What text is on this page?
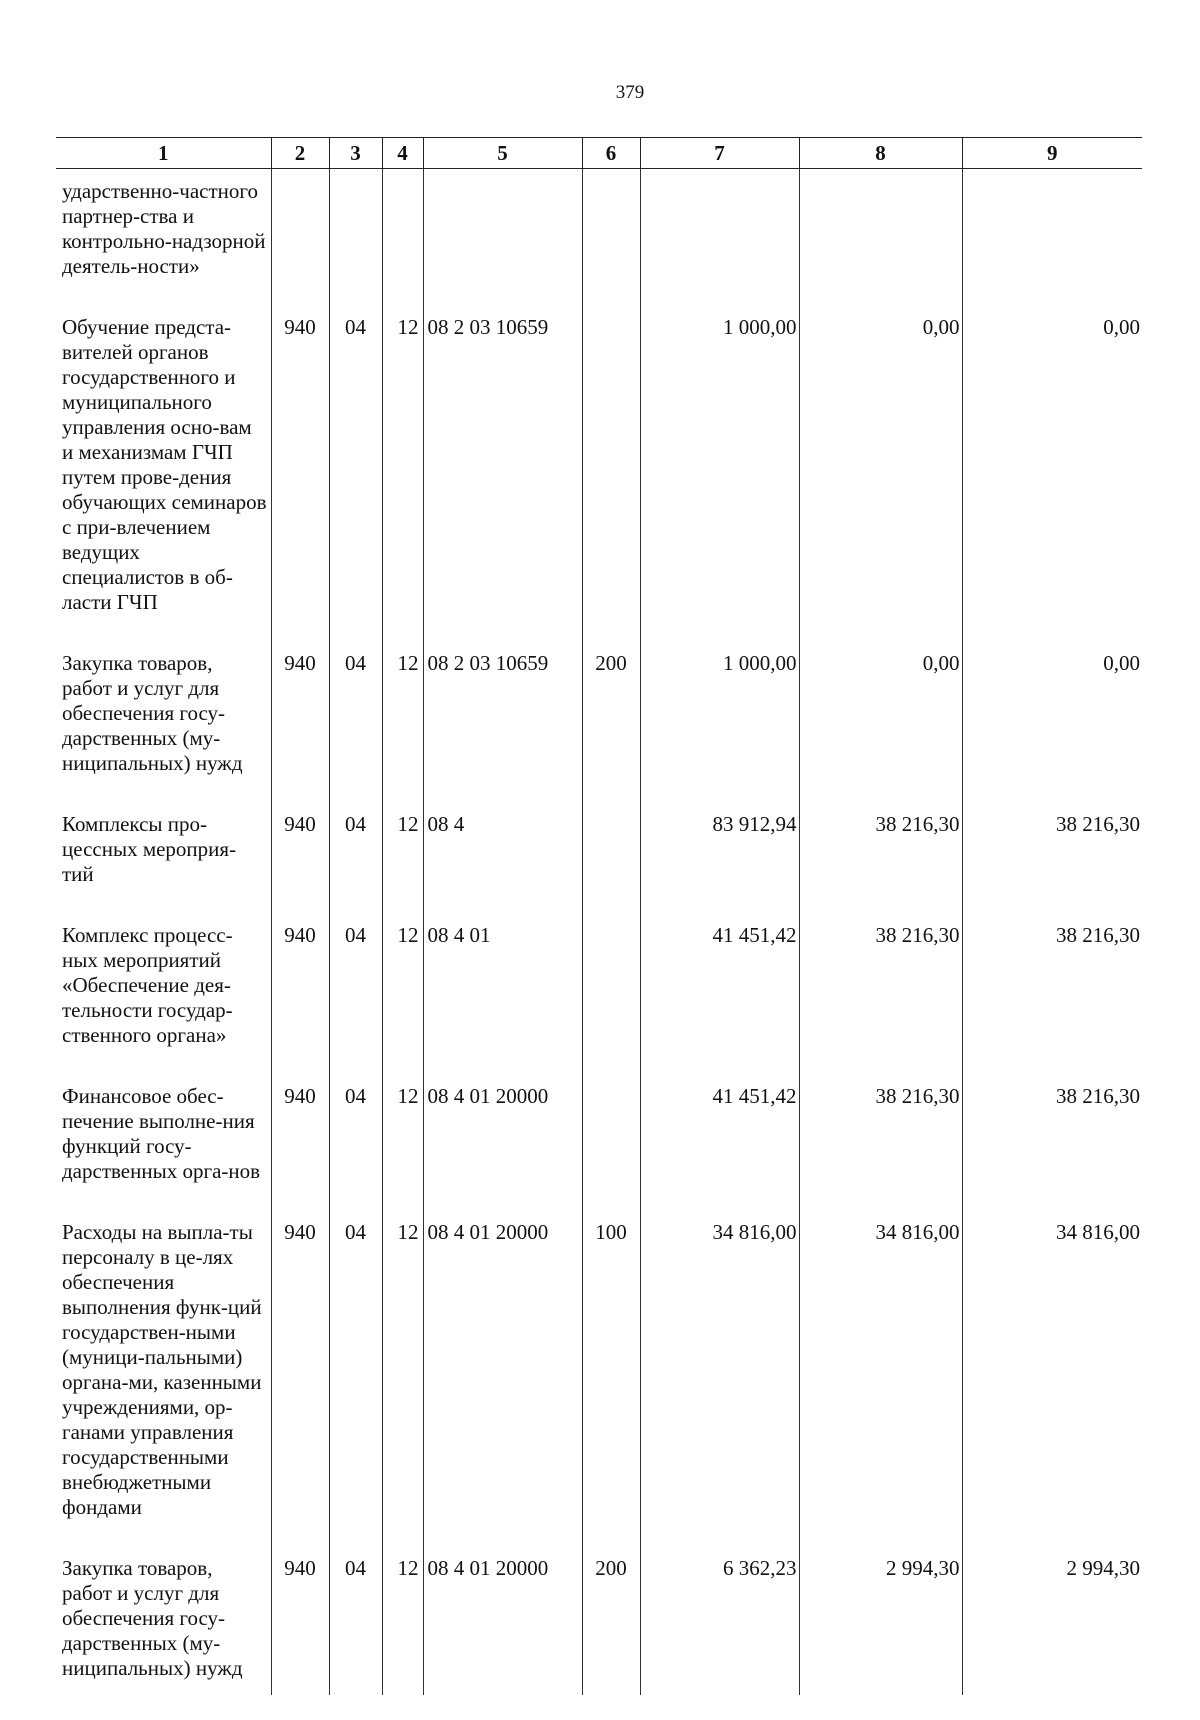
379
1	2	3	4	5	6	7	8	9
ударственно-частного партнер-ства и контрольно-надзорной деятель-ности»								
Обучение предста-вителей органов государственного и муниципального управления осно-вам и механизмам ГЧП путем прове-дения обучающих семинаров с при-влечением ведущих специалистов в об-ласти ГЧП	940	04	12	08 2 03 10659		1 000,00	0,00	0,00
Закупка товаров, работ и услуг для обеспечения госу-дарственных (му-ниципальных) нужд	940	04	12	08 2 03 10659	200	1 000,00	0,00	0,00
Комплексы про-цессных мероприя-тий	940	04	12	08 4		83 912,94	38 216,30	38 216,30
Комплекс процесс-ных мероприятий «Обеспечение дея-тельности государ-ственного органа»	940	04	12	08 4 01		41 451,42	38 216,30	38 216,30
Финансовое обес-печение выполне-ния функций госу-дарственных орга-нов	940	04	12	08 4 01 20000		41 451,42	38 216,30	38 216,30
Расходы на выпла-ты персоналу в це-лях обеспечения выполнения функ-ций государствен-ными (муници-пальными) органа-ми, казенными учреждениями, ор-ганами управления государственными внебюджетными фондами	940	04	12	08 4 01 20000	100	34 816,00	34 816,00	34 816,00
Закупка товаров, работ и услуг для обеспечения госу-дарственных (му-ниципальных) нужд	940	04	12	08 4 01 20000	200	6 362,23	2 994,30	2 994,30
